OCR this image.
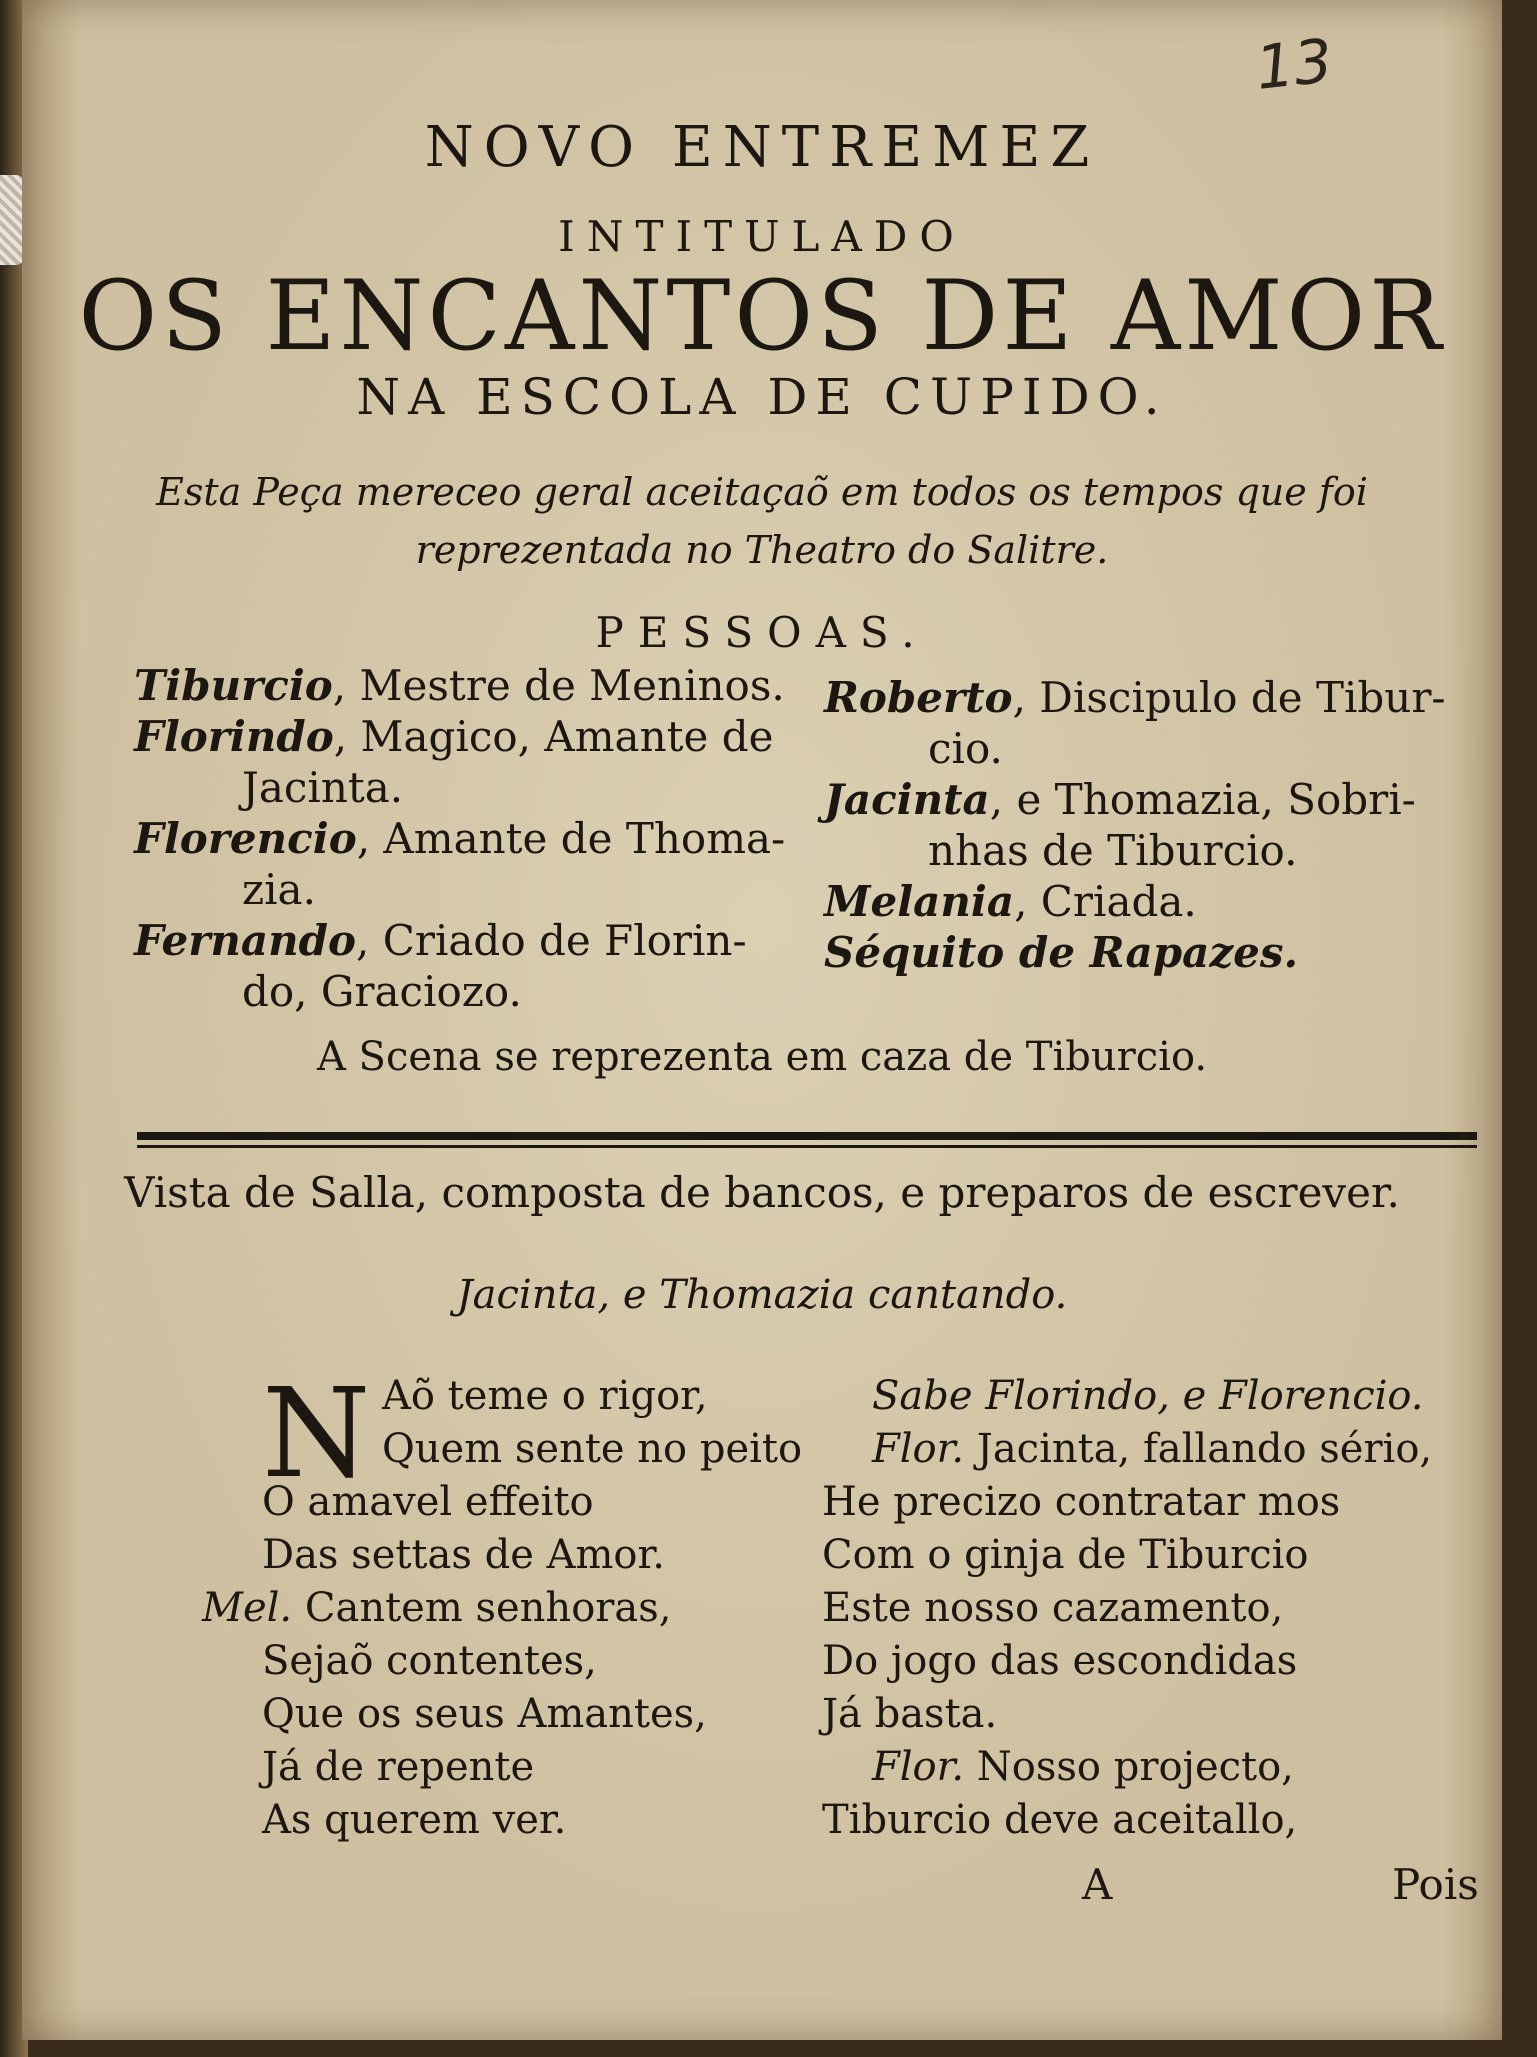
13
NOVO ENTREMEZ
INTITULADO
OS ENCANTOS DE AMOR
NA ESCOLA DE CUPIDO.
Esta Peça mereceo geral aceitaçaõ em todos os tempos que foi
reprezentada no Theatro do Salitre.
PESSOAS.
Tiburcio, Mestre de Meninos.
Florindo, Magico, Amante de
Jacinta.
Florencio, Amante de Thoma-
zia.
Fernando, Criado de Florin-
do, Graciozo.
Roberto, Discipulo de Tibur-
cio.
Jacinta, e Thomazia, Sobri-
nhas de Tiburcio.
Melania, Criada.
Séquito de Rapazes.
A Scena se reprezenta em caza de Tiburcio.
Vista de Salla, composta de bancos, e preparos de escrever.
Jacinta, e Thomazia cantando.
N Aõ teme o rigor,
Quem sente no peito
O amavel effeito
Das settas de Amor.
Mel. Cantem senhoras,
Sejaõ contentes,
Que os seus Amantes,
Já de repente
As querem ver.
Sabe Florindo, e Florencio.
Flor. Jacinta, fallando sério,
He precizo contratar mos
Com o ginja de Tiburcio
Este nosso cazamento,
Do jogo das escondidas
Já basta.
Flor. Nosso projecto,
Tiburcio deve aceitallo,
A	Pois
